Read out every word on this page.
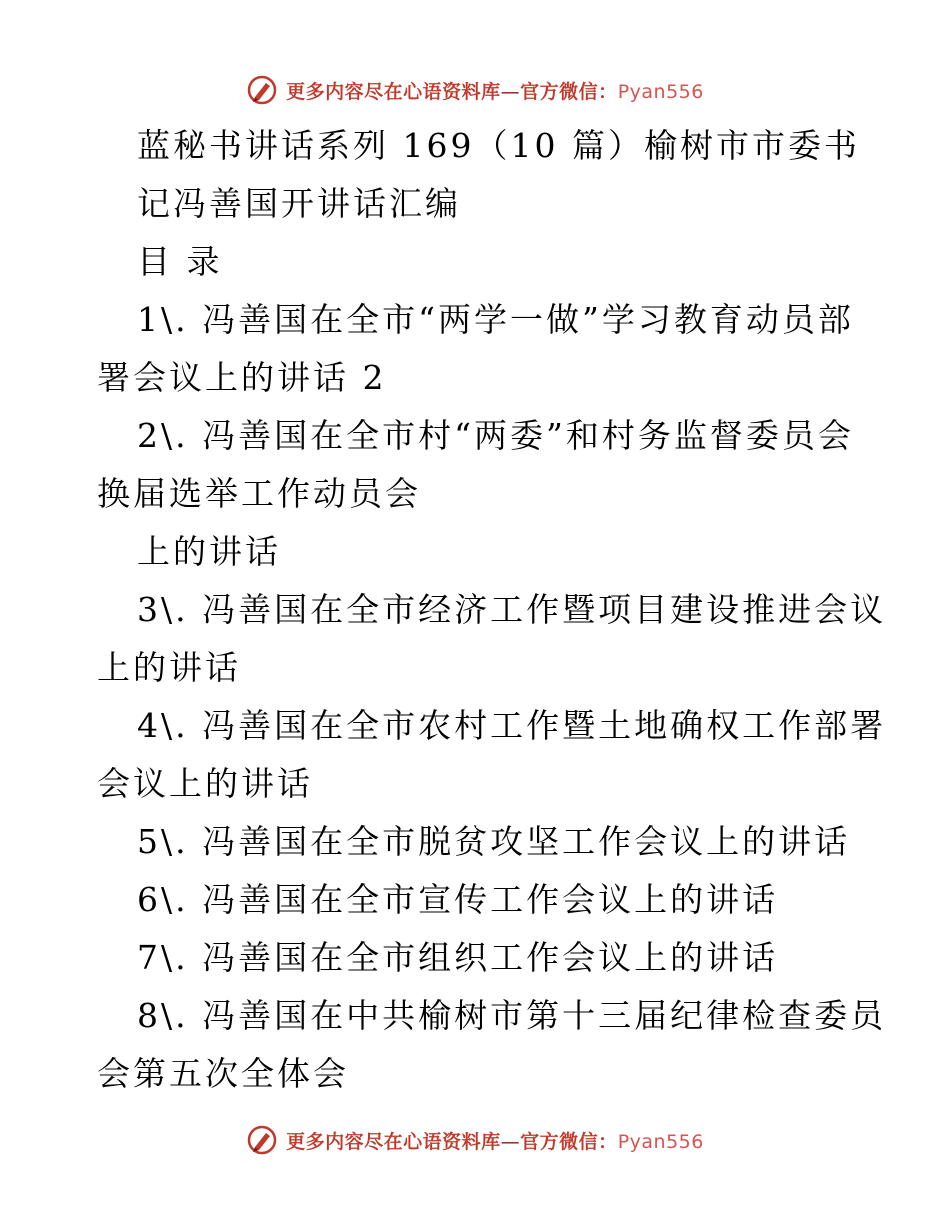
更多内容尽在心语资料库—官方微信：Pyan556
蓝秘书讲话系列 169（10 篇）榆树市市委书
记冯善国开讲话汇编
目 录
1\. 冯善国在全市“两学一做”学习教育动员部
署会议上的讲话 2
2\. 冯善国在全市村“两委”和村务监督委员会
换届选举工作动员会
上的讲话
3\. 冯善国在全市经济工作暨项目建设推进会议
上的讲话
4\. 冯善国在全市农村工作暨土地确权工作部署
会议上的讲话
5\. 冯善国在全市脱贫攻坚工作会议上的讲话
6\. 冯善国在全市宣传工作会议上的讲话
7\. 冯善国在全市组织工作会议上的讲话
8\. 冯善国在中共榆树市第十三届纪律检查委员
会第五次全体会
更多内容尽在心语资料库—官方微信：Pyan556
